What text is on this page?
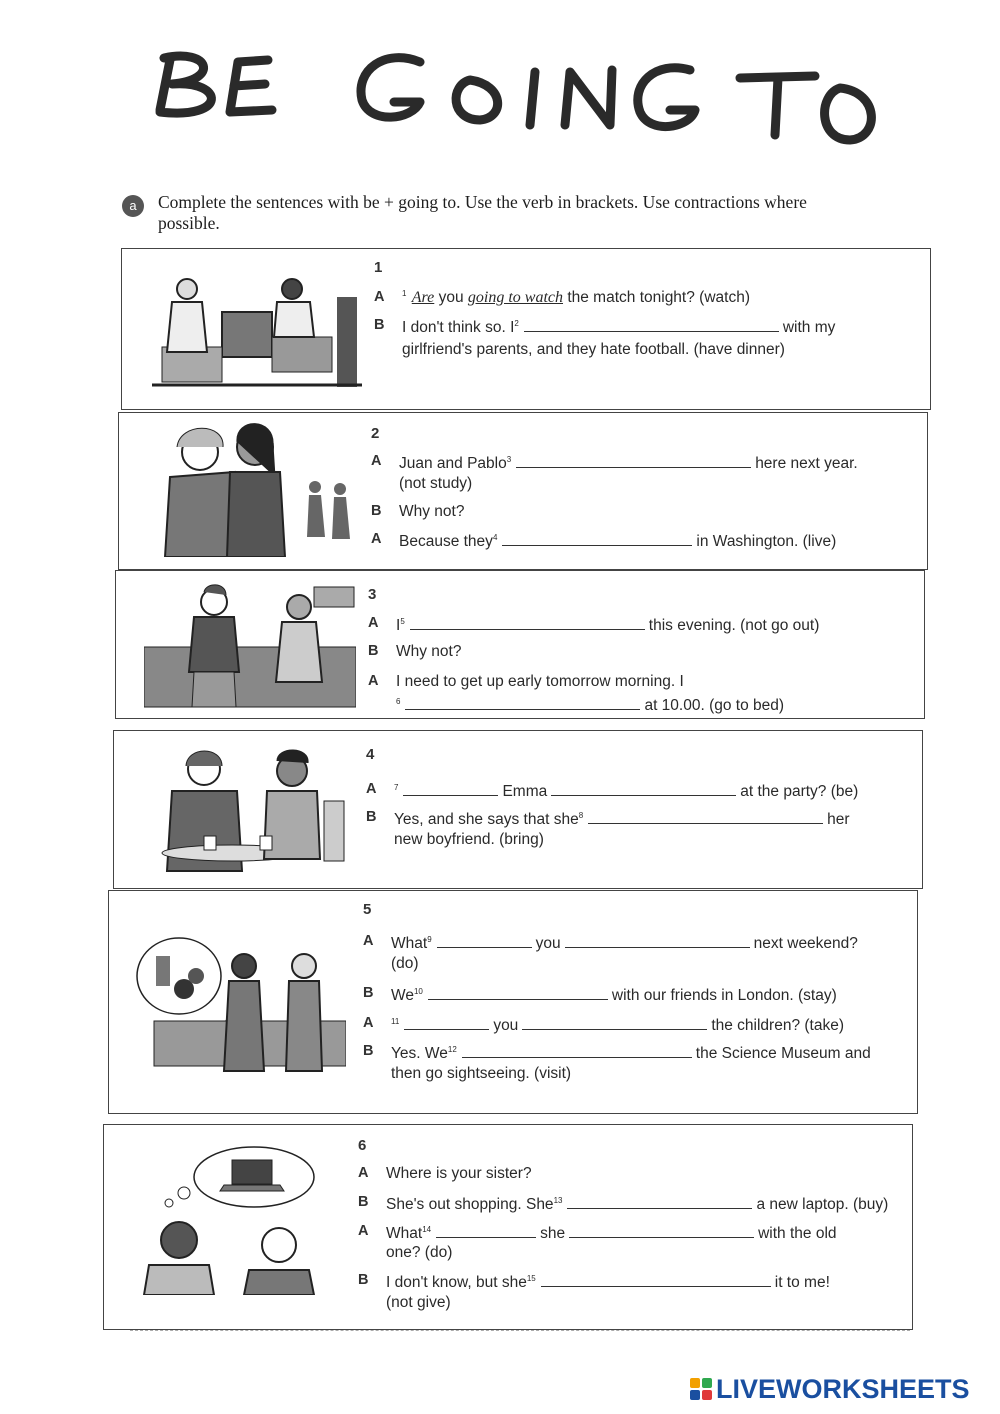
a Complete the sentences with be + going to. Use the verb in brackets. Use contractions where possible.
1
A $^1$ Are you going to watch the match tonight? (watch)
B I don't think so. $I^2$	with my
girlfriend's parents, and they hate football. (have dinner)
2
A Juan and Pablo$^3$	here next year.
(not study)
B Why not?
A Because they$^4$	in Washington. (live)
3
A $I^5$	this evening. (not go out)
B Why not?
A I need to get up early tomorrow morning. I
$^6$	at 10.00. (go to bed)
4
A $^7$	Emma	at the party? (be)
B Yes, and she says that she$^8$	her
new boyfriend. (bring)
5
A What$^9$	you	next weekend?
(do)
B We$^{10}$	with our friends in London. (stay)
A $^{11}$	you	the children? (take)
B Yes. We$^{12}$	the Science Museum and
then go sightseeing. (visit)
6
A Where is your sister?
B She's out shopping. She$^{13}$	a new laptop. (buy)
A What$^{14}$	she	with the old
one? (do)
B I don't know, but she$^{15}$	it to me!
(not give)
LIVEWORKSHEETS
